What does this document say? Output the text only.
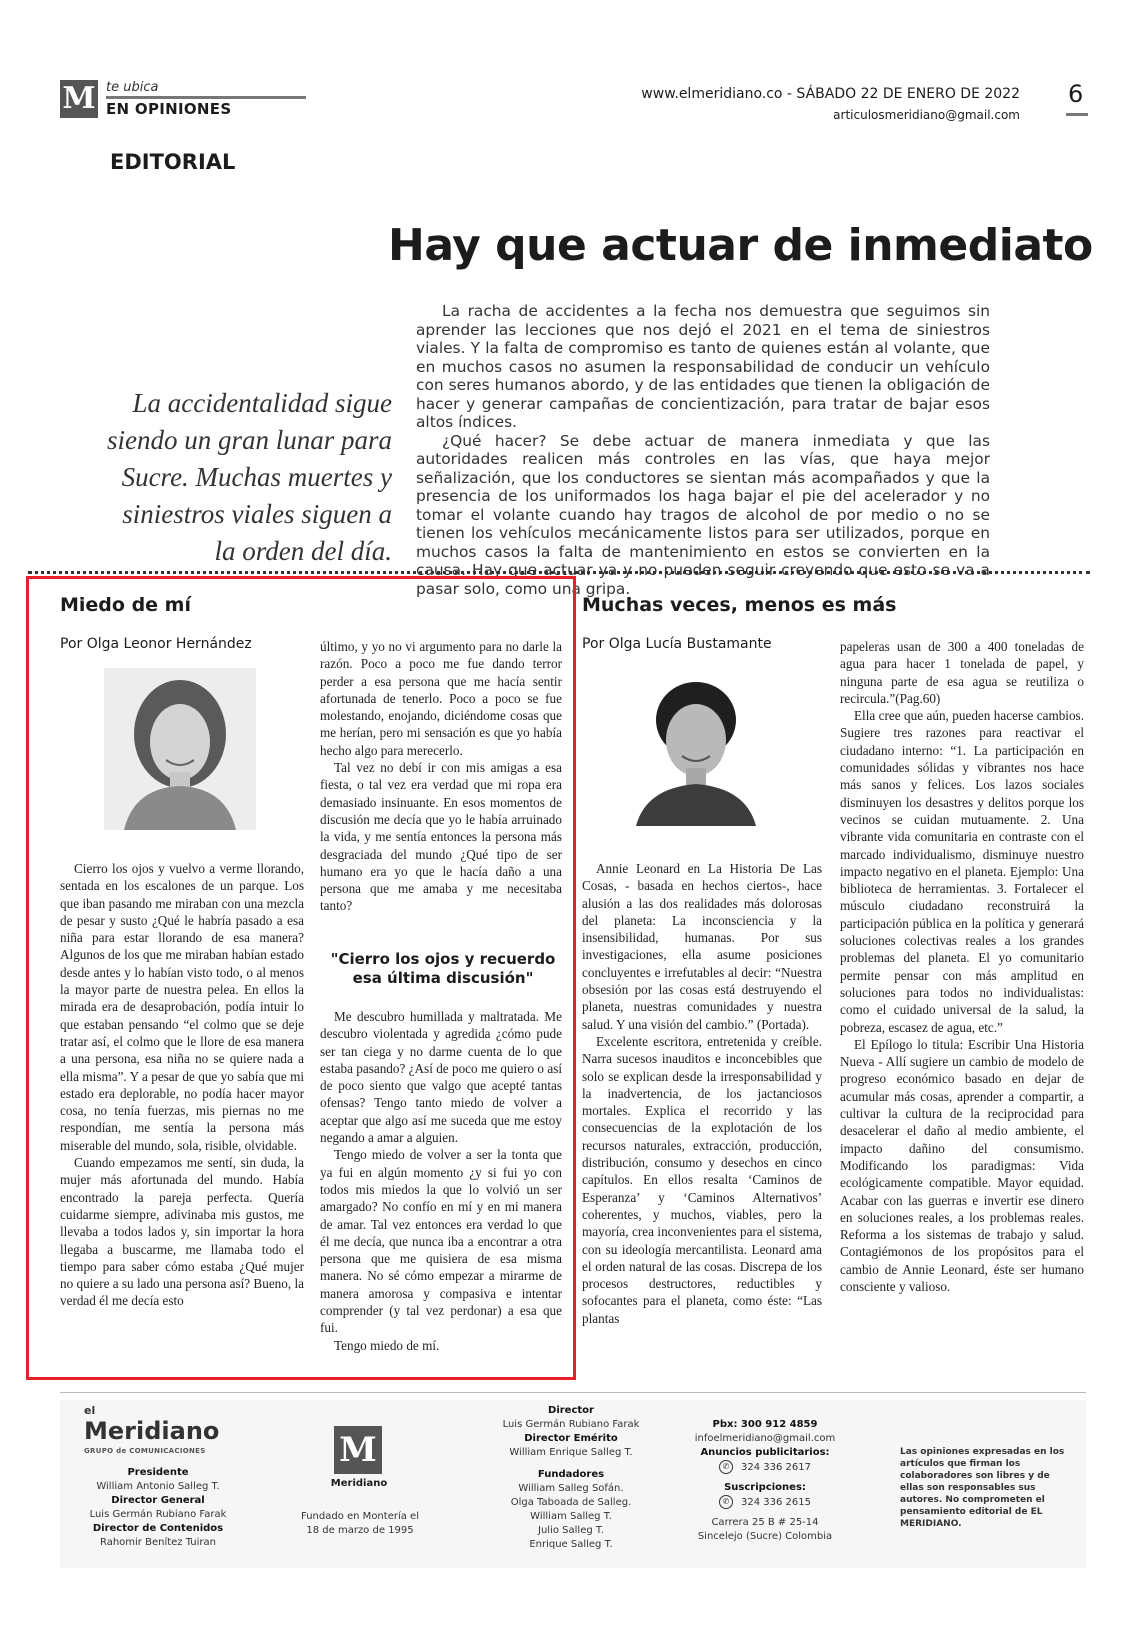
M te ubica
EN OPINIONES
www.elmeridiano.co - SÁBADO 22 DE ENERO DE 2022
articulosmeridiano@gmail.com
6
EDITORIAL
Hay que actuar de inmediato
La accidentalidad sigue siendo un gran lunar para Sucre. Muchas muertes y siniestros viales siguen a la orden del día.

La racha de accidentes a la fecha nos demuestra que seguimos sin aprender las lecciones que nos dejó el 2021 en el tema de siniestros viales. Y la falta de compromiso es tanto de quienes están al volante, que en muchos casos no asumen la responsabilidad de conducir un vehículo con seres humanos abordo, y de las entidades que tienen la obligación de hacer y generar campañas de concientización, para tratar de bajar esos altos índices.

¿Qué hacer? Se debe actuar de manera inmediata y que las autoridades realicen más controles en las vías, que haya mejor señalización, que los conductores se sientan más acompañados y que la presencia de los uniformados los haga bajar el pie del acelerador y no tomar el volante cuando hay tragos de alcohol de por medio o no se tienen los vehículos mecánicamente listos para ser utilizados, porque en muchos casos la falta de mantenimiento en estos se convierten en la causa. Hay que actuar ya y no pueden seguir creyendo que esto se va a pasar solo, como una gripa.

Miedo de mí
Por Olga Leonor Hernández

Cierro los ojos y vuelvo a verme llorando, sentada en los escalones de un parque. Los que iban pasando me miraban con una mezcla de pesar y susto ¿Qué le habría pasado a esa niña para estar llorando de esa manera? Algunos de los que me miraban habían estado desde antes y lo habían visto todo, o al menos la mayor parte de nuestra pelea. En ellos la mirada era de desaprobación, podía intuir lo que estaban pensando “el colmo que se deje tratar así, el colmo que le llore de esa manera a una persona, esa niña no se quiere nada a ella misma”. Y a pesar de que yo sabía que mi estado era deplorable, no podía hacer mayor cosa, no tenía fuerzas, mis piernas no me respondían, me sentía la persona más miserable del mundo, sola, risible, olvidable.

Cuando empezamos me sentí, sin duda, la mujer más afortunada del mundo. Había encontrado la pareja perfecta. Quería cuidarme siempre, adivinaba mis gustos, me llevaba a todos lados y, sin importar la hora llegaba a buscarme, me llamaba todo el tiempo para saber cómo estaba ¿Qué mujer no quiere a su lado una persona así? Bueno, la verdad él me decía esto

último, y yo no vi argumento para no darle la razón. Poco a poco me fue dando terror perder a esa persona que me hacía sentir afortunada de tenerlo. Poco a poco se fue molestando, enojando, diciéndome cosas que me herían, pero mi sensación es que yo había hecho algo para merecerlo.

Tal vez no debí ir con mis amigas a esa fiesta, o tal vez era verdad que mi ropa era demasiado insinuante. En esos momentos de discusión me decía que yo le había arruinado la vida, y me sentía entonces la persona más desgraciada del mundo ¿Qué tipo de ser humano era yo que le hacía daño a una persona que me amaba y me necesitaba tanto?

"Cierro los ojos y recuerdo esa última discusión"

Me descubro humillada y maltratada. Me descubro violentada y agredida ¿cómo pude ser tan ciega y no darme cuenta de lo que estaba pasando? ¿Así de poco me quiero o así de poco siento que valgo que acepté tantas ofensas? Tengo tanto miedo de volver a aceptar que algo así me suceda que me estoy negando a amar a alguien.

Tengo miedo de volver a ser la tonta que ya fui en algún momento ¿y si fui yo con todos mis miedos la que lo volvió un ser amargado? No confío en mí y en mi manera de amar. Tal vez entonces era verdad lo que él me decía, que nunca iba a encontrar a otra persona que me quisiera de esa misma manera. No sé cómo empezar a mirarme de manera amorosa y compasiva e intentar comprender (y tal vez perdonar) a esa que fui.

Tengo miedo de mí.

Muchas veces, menos es más
Por Olga Lucía Bustamante

Annie Leonard en La Historia De Las Cosas, - basada en hechos ciertos-, hace alusión a las dos realidades más dolorosas del planeta: La inconsciencia y la insensibilidad, humanas. Por sus investigaciones, ella asume posiciones concluyentes e irrefutables al decir: “Nuestra obsesión por las cosas está destruyendo el planeta, nuestras comunidades y nuestra salud. Y una visión del cambio.” (Portada).

Excelente escritora, entretenida y creíble. Narra sucesos inauditos e inconcebibles que solo se explican desde la irresponsabilidad y la inadvertencia, de los jactanciosos mortales. Explica el recorrido y las consecuencias de la explotación de los recursos naturales, extracción, producción, distribución, consumo y desechos en cinco capítulos. En ellos resalta ‘Caminos de Esperanza’ y ‘Caminos Alternativos’ coherentes, y muchos, viables, pero la mayoría, crea inconvenientes para el sistema, con su ideología mercantilista. Leonard ama el orden natural de las cosas. Discrepa de los procesos destructores, reductibles y sofocantes para el planeta, como éste: “Las plantas

papeleras usan de 300 a 400 toneladas de agua para hacer 1 tonelada de papel, y ninguna parte de esa agua se reutiliza o recircula.”(Pag.60)

Ella cree que aún, pueden hacerse cambios. Sugiere tres razones para reactivar el ciudadano interno: “1. La participación en comunidades sólidas y vibrantes nos hace más sanos y felices. Los lazos sociales disminuyen los desastres y delitos porque los vecinos se cuidan mutuamente. 2. Una vibrante vida comunitaria en contraste con el marcado individualismo, disminuye nuestro impacto negativo en el planeta. Ejemplo: Una biblioteca de herramientas. 3. Fortalecer el músculo ciudadano reconstruirá la participación pública en la política y generará soluciones colectivas reales a los grandes problemas del planeta. El yo comunitario permite pensar con más amplitud en soluciones para todos no individualistas: como el cuidado universal de la salud, la pobreza, escasez de agua, etc.”

El Epílogo lo titula: Escribir Una Historia Nueva - Allí sugiere un cambio de modelo de progreso económico basado en dejar de acumular más cosas, aprender a compartir, a cultivar la cultura de la reciprocidad para desacelerar el daño al medio ambiente, el impacto dañino del consumismo. Modificando los paradigmas: Vida ecológicamente compatible. Mayor equidad. Acabar con las guerras e invertir ese dinero en soluciones reales, a los problemas reales. Reforma a los sistemas de trabajo y salud. Contagiémonos de los propósitos para el cambio de Annie Leonard, éste ser humano consciente y valioso.

el
Meridiano
GRUPO de COMUNICACIONES
Presidente
William Antonio Salleg T.
Director General
Luis Germán Rubiano Farak
Director de Contenidos
Rahomir Benítez Tuiran
M
Meridiano
Fundado en Montería el 18 de marzo de 1995
Director
Luis Germán Rubiano Farak
Director Emérito
William Enrique Salleg T.
Fundadores
William Salleg Sofán.
Olga Taboada de Salleg.
William Salleg T.
Julio Salleg T.
Enrique Salleg T.
Pbx: 300 912 4859
infoelmeridiano@gmail.com
Anuncios publicitarios:
✆ 324 336 2617
Suscripciones:
✆ 324 336 2615
Carrera 25 B # 25-14
Sincelejo (Sucre) Colombia
Las opiniones expresadas en los artículos que firman los colaboradores son libres y de ellas son responsables sus autores. No comprometen el pensamiento editorial de EL MERIDIANO.
